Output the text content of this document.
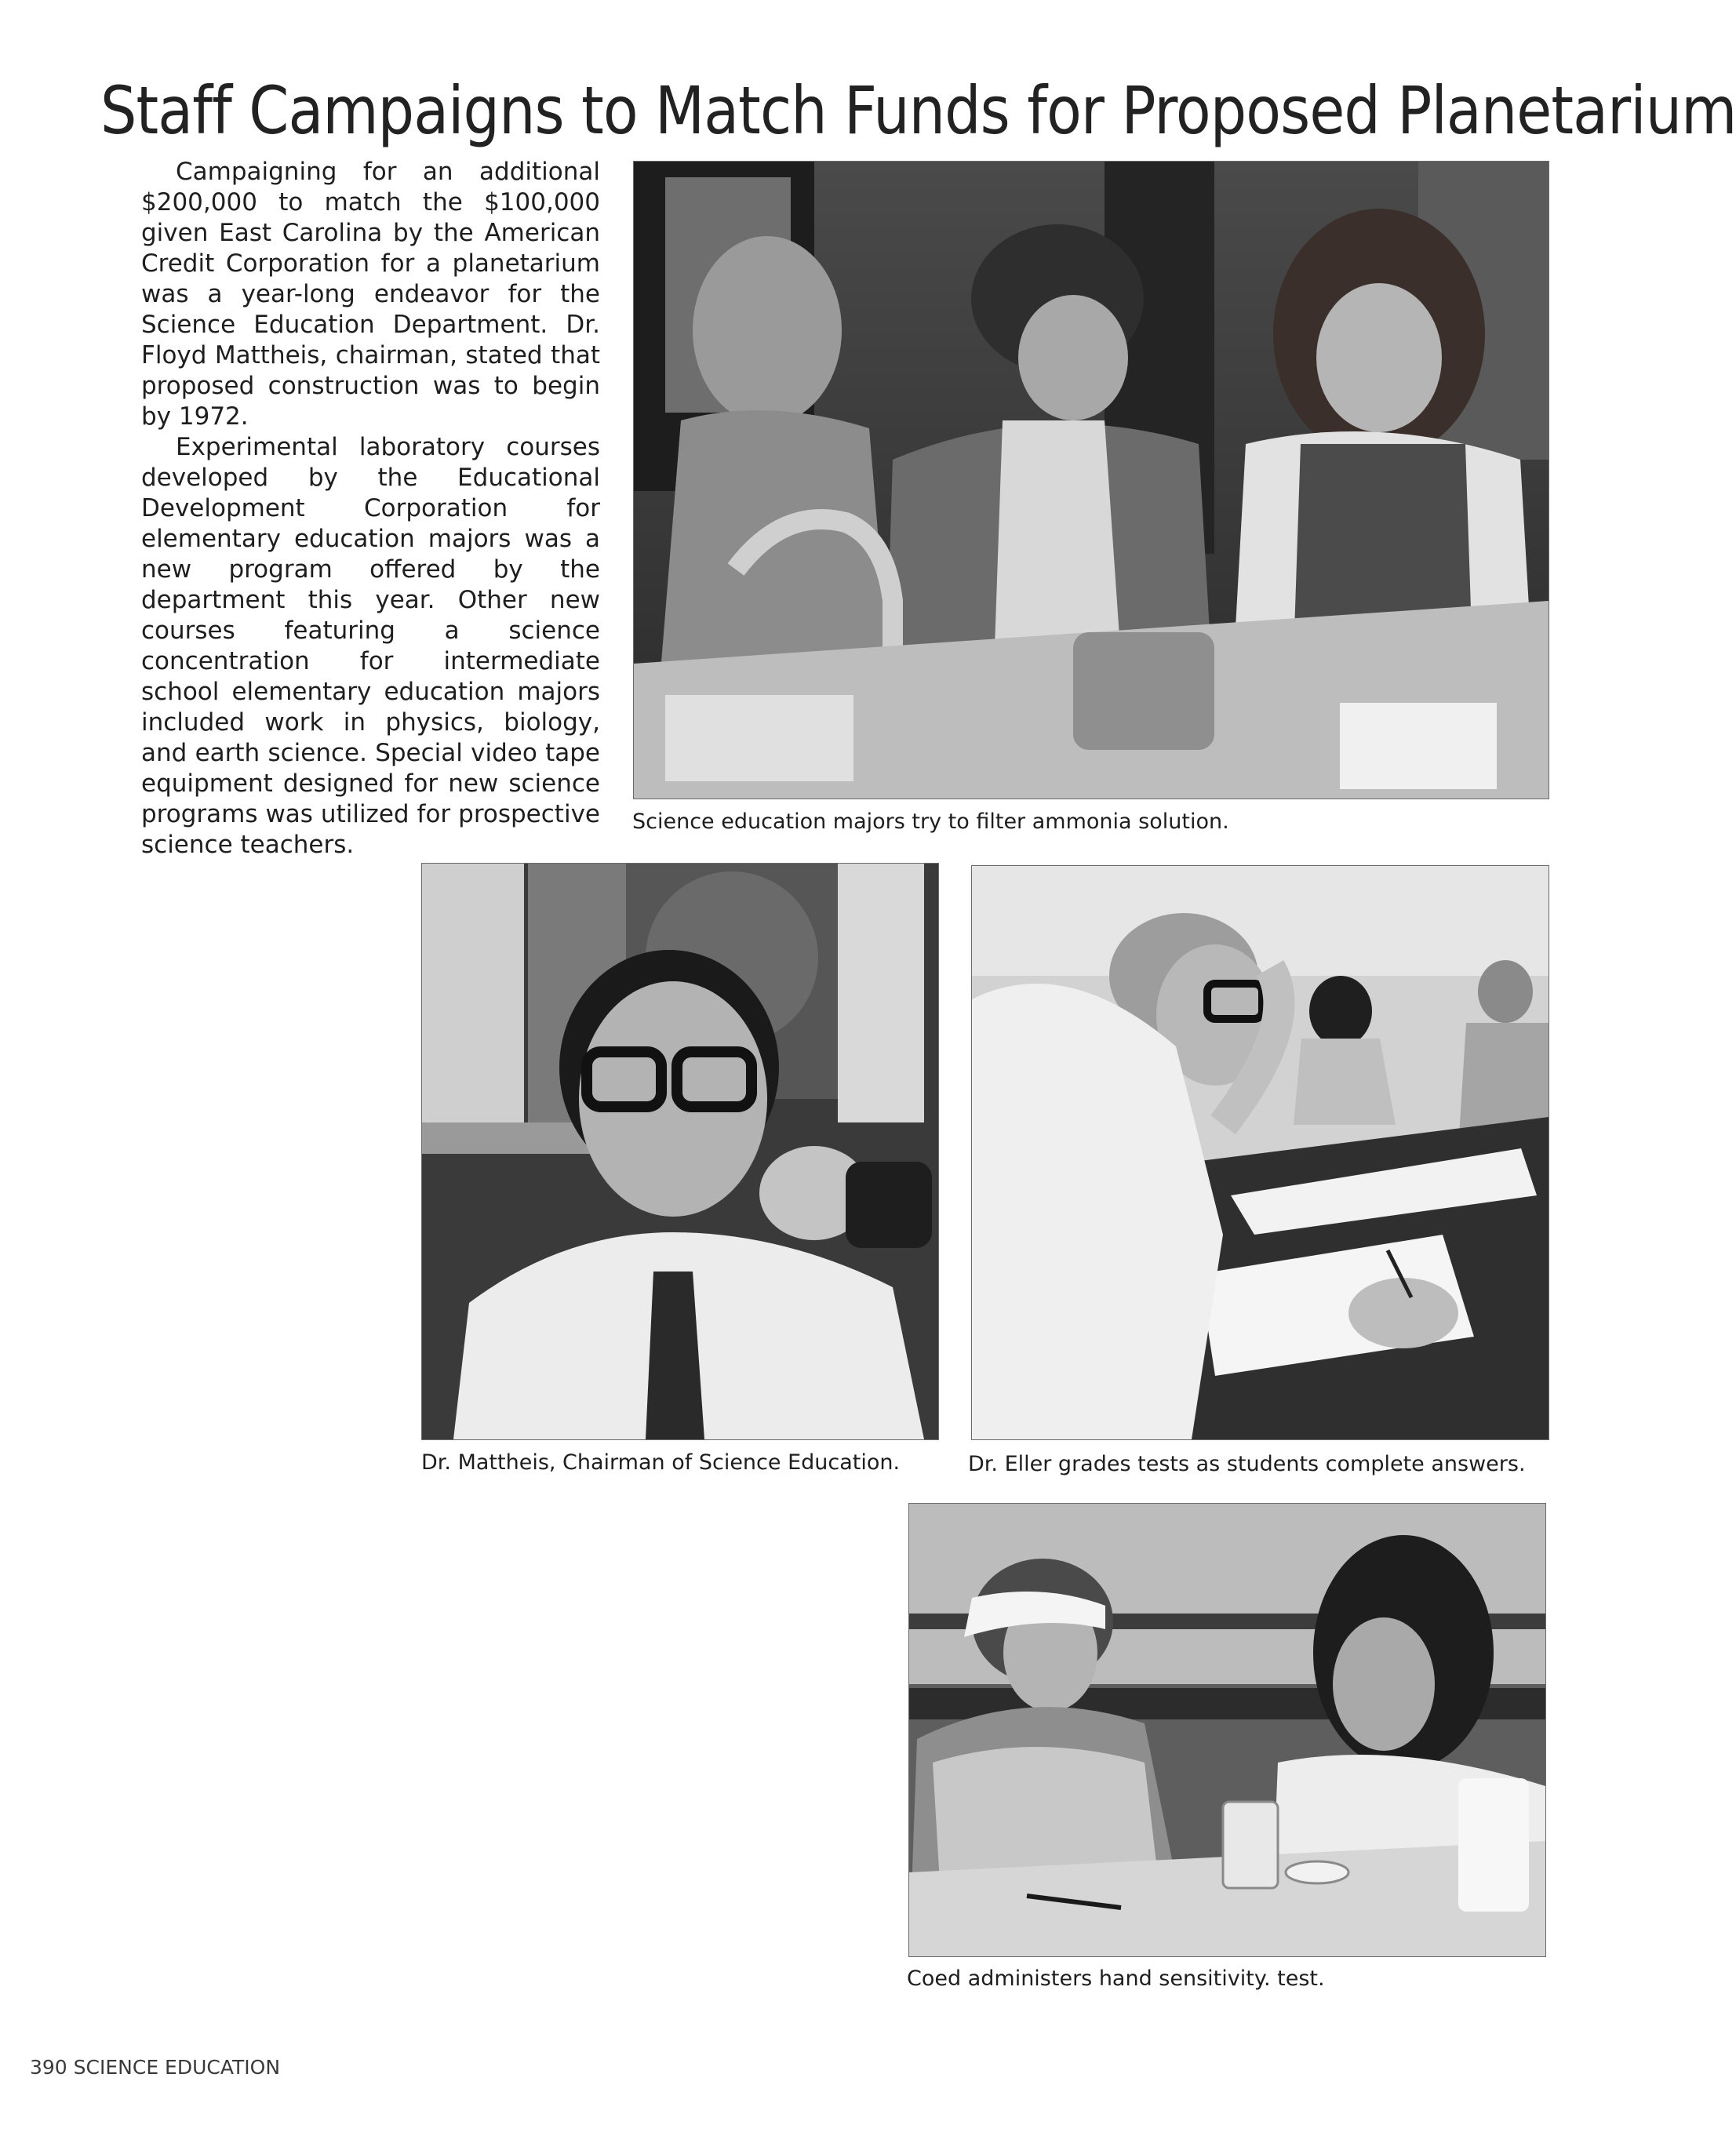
Staff Campaigns to Match Funds for Proposed Planetarium

Campaigning for an additional $200,000 to match the $100,000 given East Carolina by the American Credit Corporation for a planetarium was a year-long endeavor for the Science Education Department. Dr. Floyd Mattheis, chairman, stated that proposed construction was to begin by 1972.

Experimental laboratory courses developed by the Educational Development Corporation for elementary education majors was a new program offered by the department this year. Other new courses featuring a science concentration for intermediate school elementary education majors included work in physics, biology, and earth science. Special video tape equipment designed for new science programs was utilized for prospective science teachers.

Science education majors try to filter ammonia solution.
Dr. Mattheis, Chairman of Science Education.	Dr. Eller grades tests as students complete answers.
Coed administers hand sensitivity. test.
390 SCIENCE EDUCATION
